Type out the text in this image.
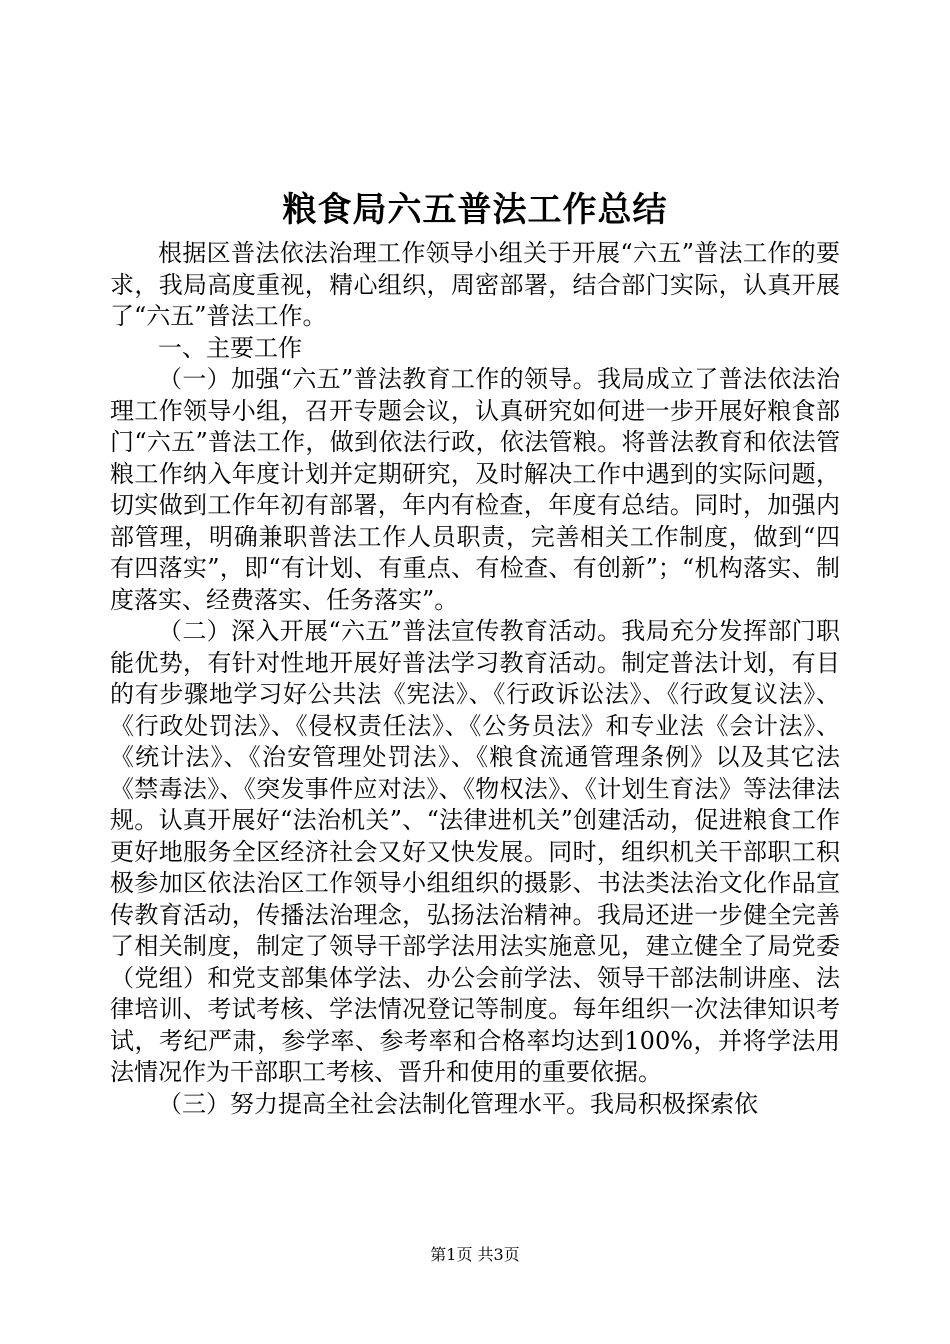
粮食局六五普法工作总结

根据区普法依法治理工作领导小组关于开展“六五”普法工作的要求，我局高度重视，精心组织，周密部署，结合部门实际，认真开展了“六五”普法工作。

一、主要工作

（一）加强“六五”普法教育工作的领导。我局成立了普法依法治理工作领导小组，召开专题会议，认真研究如何进一步开展好粮食部门“六五”普法工作，做到依法行政，依法管粮。将普法教育和依法管粮工作纳入年度计划并定期研究，及时解决工作中遇到的实际问题，切实做到工作年初有部署，年内有检查，年度有总结。同时，加强内部管理，明确兼职普法工作人员职责，完善相关工作制度，做到“四有四落实”，即“有计划、有重点、有检查、有创新”；“机构落实、制度落实、经费落实、任务落实”。

（二）深入开展“六五”普法宣传教育活动。我局充分发挥部门职能优势，有针对性地开展好普法学习教育活动。制定普法计划，有目的有步骤地学习好公共法《宪法》、《行政诉讼法》、《行政复议法》、《行政处罚法》、《侵权责任法》、《公务员法》和专业法《会计法》、《统计法》、《治安管理处罚法》、《粮食流通管理条例》以及其它法《禁毒法》、《突发事件应对法》、《物权法》、《计划生育法》等法律法规。认真开展好“法治机关”、“法律进机关”创建活动，促进粮食工作更好地服务全区经济社会又好又快发展。同时，组织机关干部职工积极参加区依法治区工作领导小组组织的摄影、书法类法治文化作品宣传教育活动，传播法治理念，弘扬法治精神。我局还进一步健全完善了相关制度，制定了领导干部学法用法实施意见，建立健全了局党委（党组）和党支部集体学法、办公会前学法、领导干部法制讲座、法律培训、考试考核、学法情况登记等制度。每年组织一次法律知识考试，考纪严肃，参学率、参考率和合格率均达到100%，并将学法用法情况作为干部职工考核、晋升和使用的重要依据。

（三）努力提高全社会法制化管理水平。我局积极探索依

第1页 共3页
